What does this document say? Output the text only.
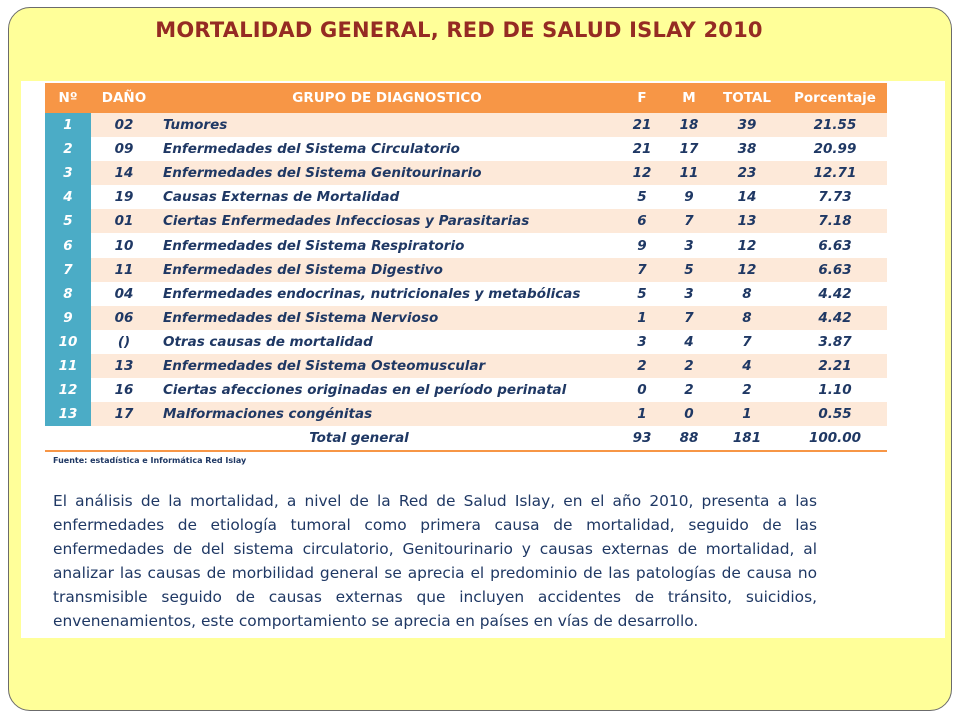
MORTALIDAD GENERAL, RED DE SALUD ISLAY 2010
Nº	DAÑO	GRUPO DE DIAGNOSTICO	F	M	TOTAL	Porcentaje
1	02	Tumores	21	18	39	21.55
2	09	Enfermedades del Sistema Circulatorio	21	17	38	20.99
3	14	Enfermedades del Sistema Genitourinario	12	11	23	12.71
4	19	Causas Externas de Mortalidad	5	9	14	7.73
5	01	Ciertas Enfermedades Infecciosas y Parasitarias	6	7	13	7.18
6	10	Enfermedades del Sistema Respiratorio	9	3	12	6.63
7	11	Enfermedades del Sistema Digestivo	7	5	12	6.63
8	04	Enfermedades endocrinas, nutricionales y metabólicas	5	3	8	4.42
9	06	Enfermedades del Sistema Nervioso	1	7	8	4.42
10	()	Otras causas de mortalidad	3	4	7	3.87
11	13	Enfermedades del Sistema Osteomuscular	2	2	4	2.21
12	16	Ciertas afecciones originadas en el período perinatal	0	2	2	1.10
13	17	Malformaciones congénitas	1	0	1	0.55
Total general			93	88	181	100.00
Fuente: estadística e Informática Red Islay

El análisis de la mortalidad, a nivel de la Red de Salud Islay, en el año 2010, presenta a las enfermedades de etiología tumoral como primera causa de mortalidad, seguido de las enfermedades de del sistema circulatorio, Genitourinario y causas externas de mortalidad, al analizar las causas de morbilidad general se aprecia el predominio de las patologías de causa no transmisible seguido de causas externas que incluyen accidentes de tránsito, suicidios, envenenamientos, este comportamiento se aprecia en países en vías de desarrollo.
